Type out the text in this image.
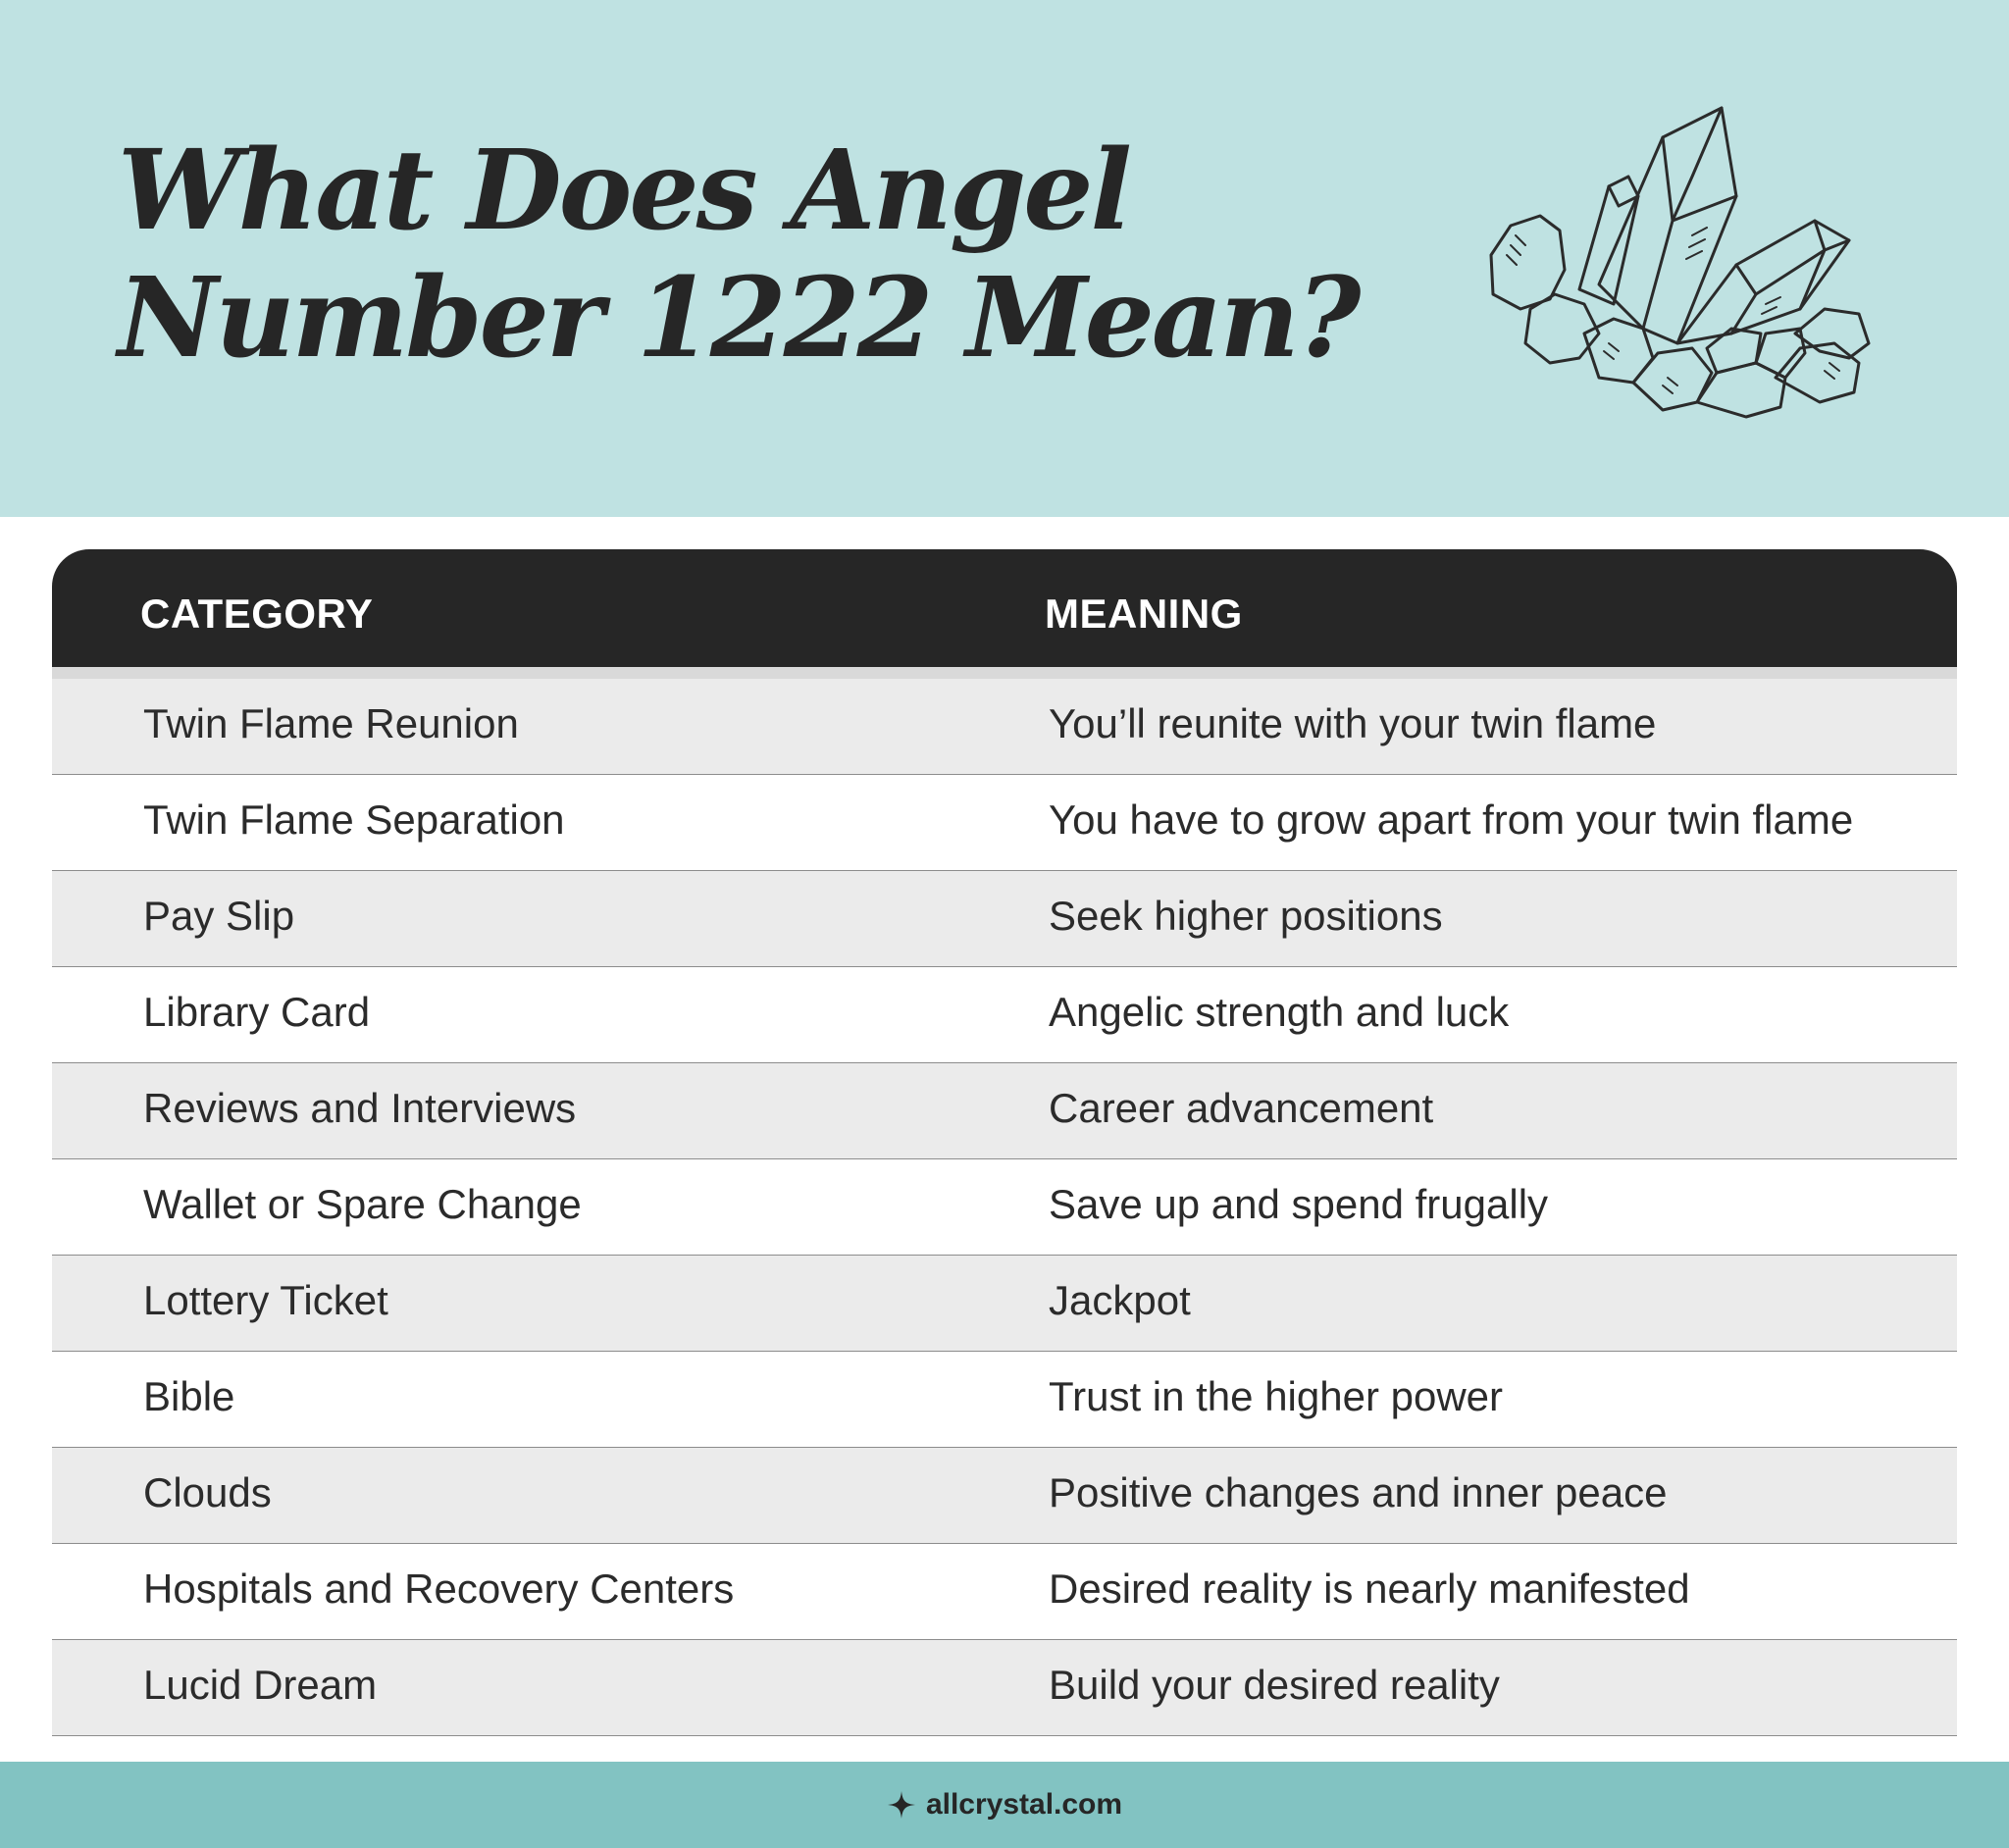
What Does Angel
Number 1222 Mean?
CATEGORY	MEANING
Twin Flame Reunion	You’ll reunite with your twin flame
Twin Flame Separation	You have to grow apart from your twin flame
Pay Slip	Seek higher positions
Library Card	Angelic strength and luck
Reviews and Interviews	Career advancement
Wallet or Spare Change	Save up and spend frugally
Lottery Ticket	Jackpot
Bible	Trust in the higher power
Clouds	Positive changes and inner peace
Hospitals and Recovery Centers	Desired reality is nearly manifested
Lucid Dream	Build your desired reality
allcrystal.com
